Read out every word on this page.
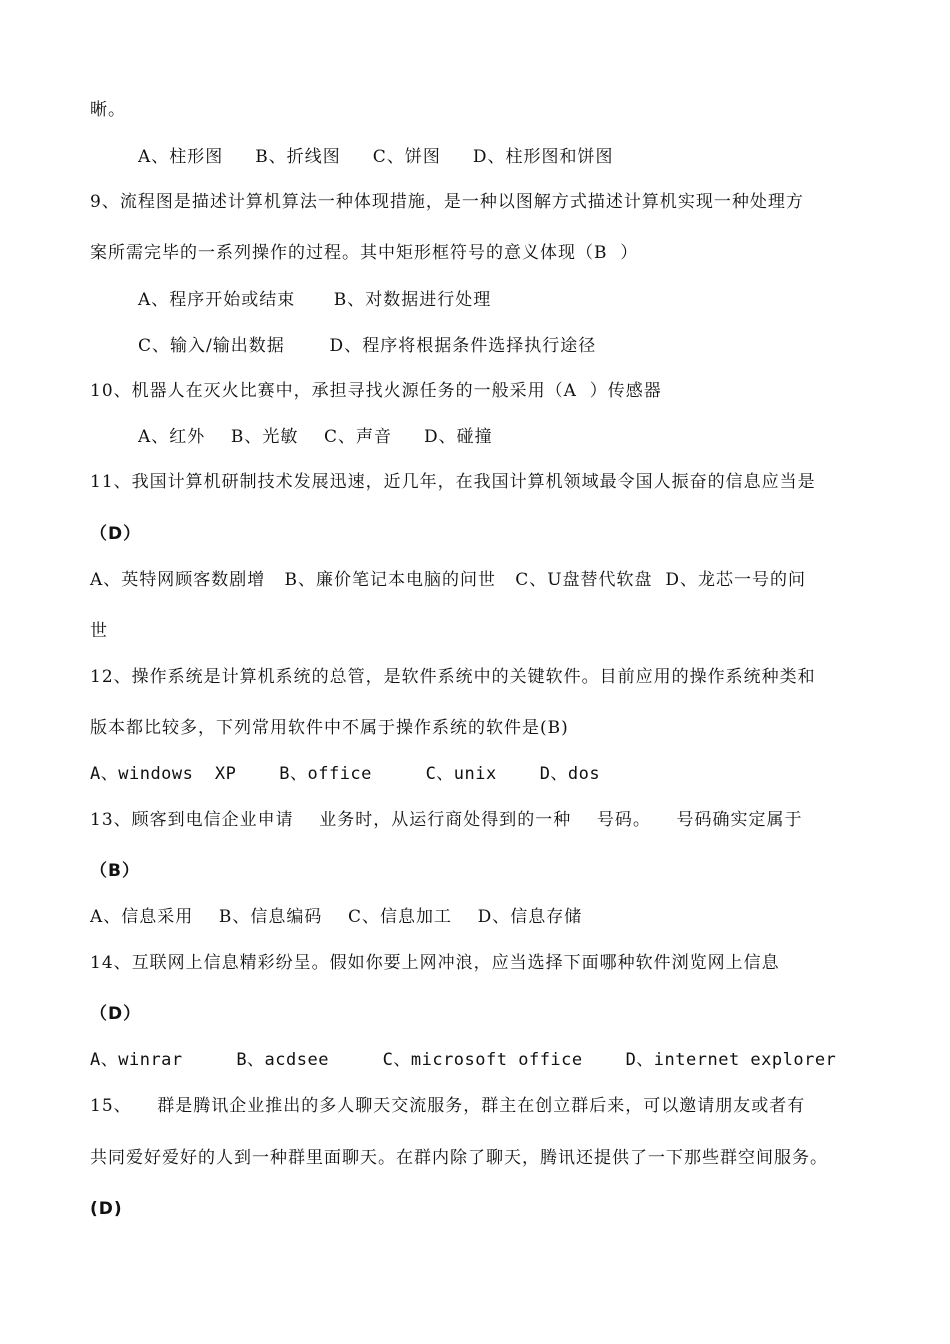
晰。
A、柱形图     B、折线图     C、饼图     D、柱形图和饼图
9、流程图是描述计算机算法一种体现措施，是一种以图解方式描述计算机实现一种处理方
案所需完毕的一系列操作的过程。其中矩形框符号的意义体现（B  ）
A、程序开始或结束      B、对数据进行处理
C、输入/输出数据       D、程序将根据条件选择执行途径
10、机器人在灭火比赛中，承担寻找火源任务的一般采用（A  ）传感器
A、红外    B、光敏    C、声音     D、碰撞
11、我国计算机研制技术发展迅速，近几年，在我国计算机领域最令国人振奋的信息应当是
（D）
A、英特网顾客数剧增   B、廉价笔记本电脑的问世   C、U盘替代软盘  D、龙芯一号的问
世
12、操作系统是计算机系统的总管，是软件系统中的关键软件。目前应用的操作系统种类和
版本都比较多，下列常用软件中不属于操作系统的软件是(B)
A、windows  XP    B、office     C、unix    D、dos
13、顾客到电信企业申请    业务时，从运行商处得到的一种    号码。    号码确实定属于
（B）
A、信息采用    B、信息编码    C、信息加工    D、信息存储
14、互联网上信息精彩纷呈。假如你要上网冲浪，应当选择下面哪种软件浏览网上信息
（D）
A、winrar     B、acdsee     C、microsoft office    D、internet explorer
15、    群是腾讯企业推出的多人聊天交流服务，群主在创立群后来，可以邀请朋友或者有
共同爱好爱好的人到一种群里面聊天。在群内除了聊天，腾讯还提供了一下那些群空间服务。
(D)
